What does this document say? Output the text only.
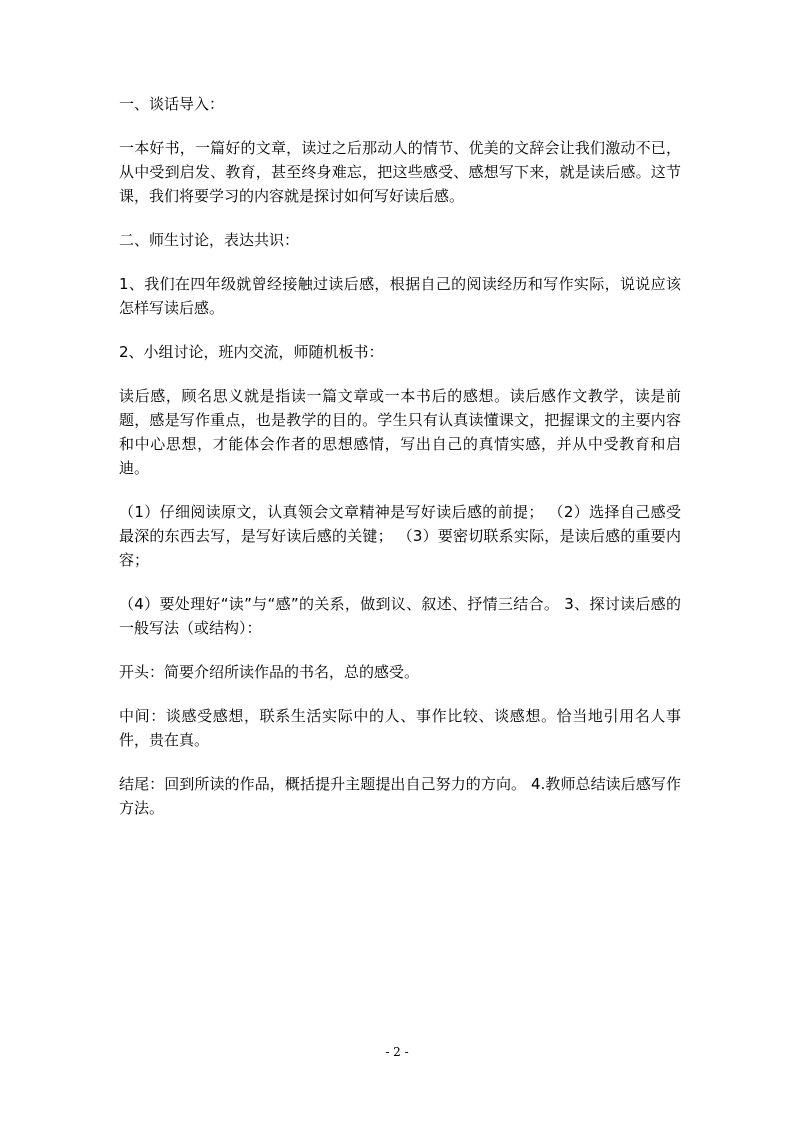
一、谈话导入：

一本好书，一篇好的文章，读过之后那动人的情节、优美的文辞会让我们激动不已，从中受到启发、教育，甚至终身难忘，把这些感受、感想写下来，就是读后感。这节课，我们将要学习的内容就是探讨如何写好读后感。

二、师生讨论，表达共识：

1、我们在四年级就曾经接触过读后感，根据自己的阅读经历和写作实际，说说应该怎样写读后感。

2、小组讨论，班内交流，师随机板书：

读后感，顾名思义就是指读一篇文章或一本书后的感想。读后感作文教学，读是前题，感是写作重点，也是教学的目的。学生只有认真读懂课文，把握课文的主要内容和中心思想，才能体会作者的思想感情，写出自己的真情实感，并从中受教育和启迪。

（1）仔细阅读原文，认真领会文章精神是写好读后感的前提； （2）选择自己感受最深的东西去写，是写好读后感的关键； （3）要密切联系实际，是读后感的重要内容；

（4）要处理好“读”与“感”的关系，做到议、叙述、抒情三结合。 3、探讨读后感的一般写法（或结构）：

开头：简要介绍所读作品的书名，总的感受。

中间：谈感受感想，联系生活实际中的人、事作比较、谈感想。恰当地引用名人事件，贵在真。

结尾：回到所读的作品，概括提升主题提出自己努力的方向。 4.教师总结读后感写作方法。

- 2 -
